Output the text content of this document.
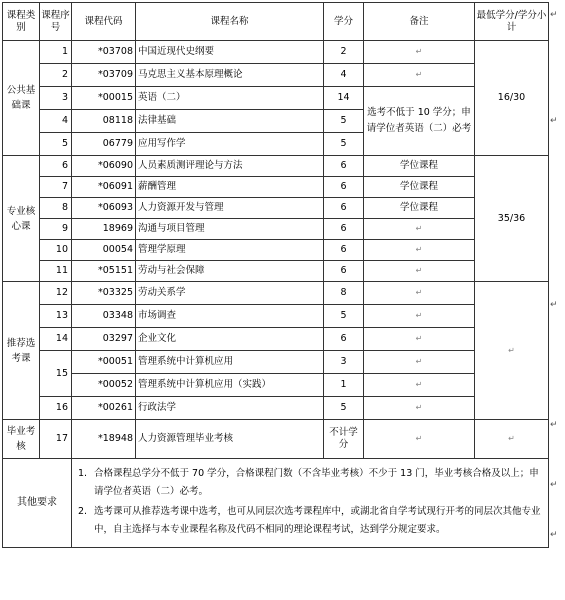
课程类别	课程序号	课程代码	课程名称	学分	备注	最低学分/学分小计
公共基础课	1	*03708	中国近现代史纲要	2	↵	16/30
	2	*03709	马克思主义基本原理概论	4	↵	
	3	*00015	英语（二）	14	选考不低于 10 学分；申请学位者英语（二）必考	
	4	08118	法律基础	5		
	5	06779	应用写作学	5		
专业核心课	6	*06090	人员素质测评理论与方法	6	学位课程	35/36
	7	*06091	薪酬管理	6	学位课程	
	8	*06093	人力资源开发与管理	6	学位课程	
	9	18969	沟通与项目管理	6	↵	
	10	00054	管理学原理	6	↵	
	11	*05151	劳动与社会保障	6	↵	
推荐选考课	12	*03325	劳动关系学	8	↵	↵
	13	03348	市场调查	5	↵	
	14	03297	企业文化	6	↵	
	15	*00051	管理系统中计算机应用	3	↵	
		*00052	管理系统中计算机应用（实践）	1	↵	
	16	*00261	行政法学	5	↵	
毕业考核	17	*18948	人力资源管理毕业考核	不计学分	↵	↵
其他要求		1. 合格课程总学分不低于 70 学分，合格课程门数（不含毕业考核）不少于 13 门，毕业考核合格及以上；申请学位者英语（二）必考。
2. 选考课可从推荐选考课中选考，也可从同层次选考课程库中，或湖北省自学考试现行开考的同层次其他专业中，自主选择与本专业课程名称及代码不相同的理论课程考试，达到学分规定要求。				
↵
↵
↵
↵
↵
↵
